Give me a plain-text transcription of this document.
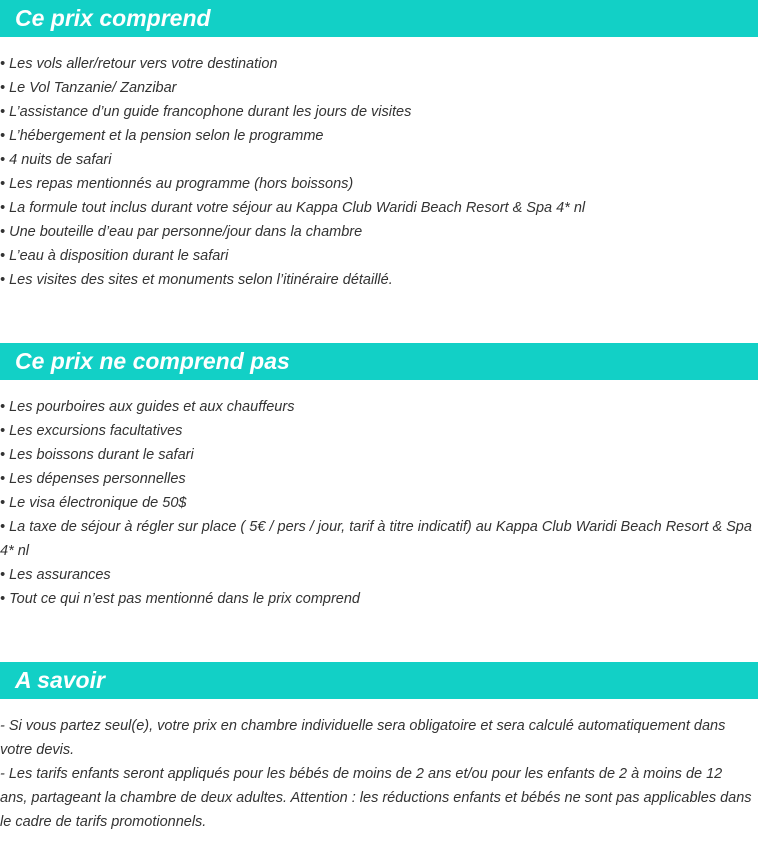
Ce prix comprend
• Les vols aller/retour vers votre destination
• Le Vol Tanzanie/ Zanzibar
• L’assistance d’un guide francophone durant les jours de visites
• L’hébergement et la pension selon le programme
• 4 nuits de safari
• Les repas mentionnés au programme (hors boissons)
• La formule tout inclus durant votre séjour au Kappa Club Waridi Beach Resort & Spa 4* nl
• Une bouteille d’eau par personne/jour dans la chambre
• L’eau à disposition durant le safari
• Les visites des sites et monuments selon l’itinéraire détaillé.
Ce prix ne comprend pas
• Les pourboires aux guides et aux chauffeurs
• Les excursions facultatives
• Les boissons durant le safari
• Les dépenses personnelles
• Le visa électronique de 50$
• La taxe de séjour à régler sur place ( 5€ / pers / jour, tarif à titre indicatif) au Kappa Club Waridi Beach Resort & Spa 4* nl
• Les assurances
• Tout ce qui n’est pas mentionné dans le prix comprend
A savoir

- Si vous partez seul(e), votre prix en chambre individuelle sera obligatoire et sera calculé automatiquement dans votre devis.

- Les tarifs enfants seront appliqués pour les bébés de moins de 2 ans et/ou pour les enfants de 2 à moins de 12 ans, partageant la chambre de deux adultes. Attention : les réductions enfants et bébés ne sont pas applicables dans le cadre de tarifs promotionnels.
